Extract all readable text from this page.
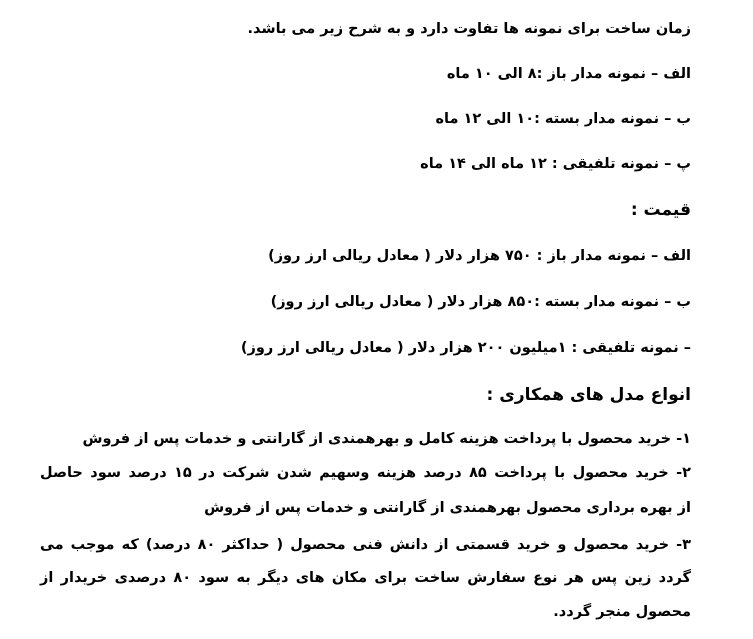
زمان ساخت برای نمونه ها تفاوت دارد و به شرح زیر می باشد.
الف – نمونه مدار باز :۸ الی ۱۰ ماه
ب – نمونه مدار بسته :۱۰ الی ۱۲ ماه
پ – نمونه تلفیقی : ۱۲ ماه الی ۱۴ ماه
قیمت :
الف – نمونه مدار باز : ۷۵۰ هزار دلار ( معادل ریالی ارز روز)
ب – نمونه مدار بسته :۸۵۰ هزار دلار ( معادل ریالی ارز روز)
– نمونه تلفیقی : ۱میلیون ۲۰۰ هزار دلار ( معادل ریالی ارز روز)
انواع مدل های همکاری :
۱- خرید محصول با پرداخت هزینه کامل و بهرهمندی از گارانتی و خدمات پس از فروش
۲- خرید محصول با پرداخت ۸۵ درصد هزینه وسهیم شدن شرکت در ۱۵ درصد سود حاصل
از بهره برداری محصول بهرهمندی از گارانتی و خدمات پس از فروش
۳- خرید محصول و خرید قسمتی از دانش فنی محصول ( حداکثر ۸۰ درصد) که موجب می
گردد زین پس هر نوع سفارش ساخت برای مکان های دیگر به سود ۸۰ درصدی خریدار از
محصول منجر گردد.
